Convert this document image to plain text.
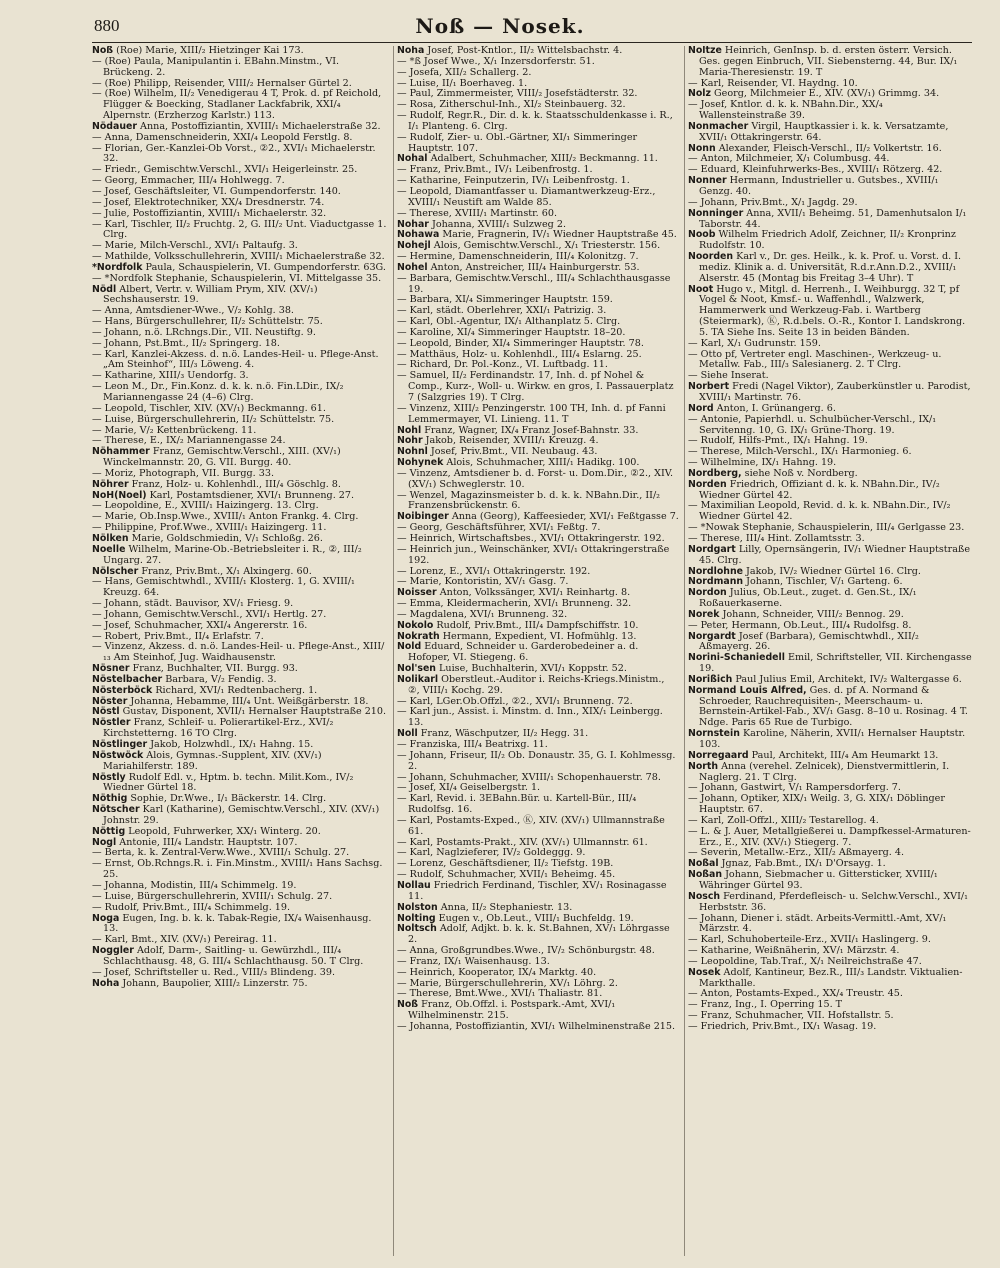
880	Noß — Nosek.

Noß (Roe) Marie, XIII/₂ Hietzinger Kai 173.

— (Roe) Paula, Manipulantin i. EBahn.Minstm., VI. Brückeng. 2.

— (Roe) Philipp, Reisender, VIII/₂ Hernalser Gürtel 2.

— (Roe) Wilhelm, II/₂ Venedigerau 4 T, Prok. d. pf Reichold, Flügger & Boecking, Stadlaner Lackfabrik, XXI/₄ Alpernstr. (Erzherzog Karlstr.) 113.

Nödauer Anna, Postoffiziantin, XVIII/₁ Michaelerstraße 32.

— Anna, Damenschneiderin, XXI/₄ Leopold Ferstlg. 8.

— Florian, Ger.-Kanzlei-Ob Vorst., ②2., XVI/₁ Michaelerstr. 32.

— Friedr., Gemischtw.Verschl., XVI/₁ Heigerleinstr. 25.

— Georg, Emmacher, III/₄ Hohlwegg. 7.

— Josef, Geschäftsleiter, VI. Gumpendorferstr. 140.

— Josef, Elektrotechniker, XX/₄ Dresdnerstr. 74.

— Julie, Postoffiziantin, XVIII/₁ Michaelerstr. 32.

— Karl, Tischler, II/₂ Fruchtg. 2, G. III/₂ Unt. Viaductgasse 1. Clrg.

— Marie, Milch-Verschl., XVI/₁ Paltaufg. 3.

— Mathilde, Volksschullehrerin, XVIII/₁ Michaelerstraße 32.

*Nordfolk Paula, Schauspielerin, VI. Gumpendorferstr. 63G.

— *Nordfolk Stephanie, Schauspielerin, VI. Mittelgasse 35.

Nödl Albert, Vertr. v. William Prym, XIV. (XV/₁) Sechshauserstr. 19.

— Anna, Amtsdiener-Wwe., V/₂ Kohlg. 38.

— Hans, Bürgerschullehrer, II/₂ Schüttelstr. 75.

— Johann, n.ö. LRchngs.Dir., VII. Neustiftg. 9.

— Johann, Pst.Bmt., II/₂ Springerg. 18.

— Karl, Kanzlei-Akzess. d. n.ö. Landes-Heil- u. Pflege-Anst. „Am Steinhof“, III/₃ Löweng. 4.

— Katharine, XIII/₃ Uendorfg. 3.

— Leon M., Dr., Fin.Konz. d. k. k. n.ö. Fin.LDir., IX/₂ Mariannengasse 24 (4–6) Clrg.

— Leopold, Tischler, XIV. (XV/₁) Beckmanng. 61.

— Luise, Bürgerschullehrerin, II/₂ Schüttelstr. 75.

— Marie, V/₂ Kettenbrückeng. 11.

— Therese, E., IX/₂ Mariannengasse 24.

Nöhammer Franz, Gemischtw.Verschl., XIII. (XV/₁) Winckelmannstr. 20, G. VII. Burgg. 40.

— Moriz, Photograph, VII. Burgg. 33.

Nöhrer Franz, Holz- u. Kohlenhdl., III/₄ Göschlg. 8.

NoH(Noel) Karl, Postamtsdiener, XVI/₁ Brunneng. 27.

— Leopoldine, E., XVIII/₁ Haizingerg. 13. Clrg.

— Marie, Ob.Insp.Wwe., XVIII/₁ Anton Frankg. 4. Clrg.

— Philippine, Prof.Wwe., XVIII/₁ Haizingerg. 11.

Nölken Marie, Goldschmiedin, V/₁ Schloßg. 26.

Noelle Wilhelm, Marine-Ob.-Betriebsleiter i. R., ②, III/₂ Ungarg. 27.

Nölscher Franz, Priv.Bmt., X/₁ Alxingerg. 60.

— Hans, Gemischtwhdl., XVIII/₁ Klosterg. 1, G. XVIII/₁ Kreuzg. 64.

— Johann, städt. Bauvisor, XV/₁ Friesg. 9.

— Johann, Gemischtw.Verschl., XVI/₁ Hertlg. 27.

— Josef, Schuhmacher, XXI/₄ Angererstr. 16.

— Robert, Priv.Bmt., II/₄ Erlafstr. 7.

— Vinzenz, Akzess. d. n.ö. Landes-Heil- u. Pflege-Anst., XIII/₁₃ Am Steinhof, Jug. Waidhausenstr.

Nösner Franz, Buchhalter, VII. Burgg. 93.

Nöstelbacher Barbara, V/₂ Fendig. 3.

Nösterböck Richard, XVI/₁ Redtenbacherg. 1.

Nöster Johanna, Hebamme, III/₄ Unt. Weißgärberstr. 18.

Nöstl Gustav, Disponent, XVII/₁ Hernalser Hauptstraße 210.

Nöstler Franz, Schleif- u. Polierartikel-Erz., XVI/₂ Kirchstetterng. 16 TO Clrg.

Nöstlinger Jakob, Holzwhdl., IX/₁ Hahng. 15.

Nöstwöck Alois, Gymnas.-Supplent, XIV. (XV/₁) Mariahilferstr. 189.

Nöstly Rudolf Edl. v., Hptm. b. techn. Milit.Kom., IV/₂ Wiedner Gürtel 18.

Nöthig Sophie, Dr.Wwe., I/₁ Bäckerstr. 14. Clrg.

Nötscher Karl (Katharine), Gemischtw.Verschl., XIV. (XV/₁) Johnstr. 29.

Nöttig Leopold, Fuhrwerker, XX/₁ Winterg. 20.

Nogl Antonie, III/₄ Landstr. Hauptstr. 107.

— Berta, k. k. Zentral-Verw.Wwe., XVIII/₁ Schulg. 27.

— Ernst, Ob.Rchngs.R. i. Fin.Minstm., XVIII/₁ Hans Sachsg. 25.

— Johanna, Modistin, III/₄ Schimmelg. 19.

— Luise, Bürgerschullehrerin, XVIII/₁ Schulg. 27.

— Rudolf, Priv.Bmt., III/₄ Schimmelg. 19.

Noga Eugen, Ing. b. k. k. Tabak-Regie, IX/₄ Waisenhausg. 13.

— Karl, Bmt., XIV. (XV/₁) Pereirag. 11.

Noggler Adolf, Darm-, Saitling- u. Gewürzhdl., III/₄ Schlachthausg. 48, G. III/₄ Schlachthausg. 50. T Clrg.

— Josef, Schriftsteller u. Red., VIII/₃ Blindeng. 39.

Noha Johann, Baupolier, XIII/₂ Linzerstr. 75.

Noha Josef, Post-Kntlor., II/₂ Wittelsbachstr. 4.

— *ß Josef Wwe., X/₁ Inzersdorferstr. 51.

— Josefa, XII/₂ Schallerg. 2.

— Luise, II/₁ Boerhaveg. 1.

— Paul, Zimmermeister, VIII/₂ Josefstädterstr. 32.

— Rosa, Zitherschul-Inh., XI/₂ Steinbauerg. 32.

— Rudolf, Regr.R., Dir. d. k. k. Staatsschuldenkasse i. R., I/₁ Planteng. 6. Clrg.

— Rudolf, Zier- u. Obl.-Gärtner, XI/₁ Simmeringer Hauptstr. 107.

Nohal Adalbert, Schuhmacher, XIII/₂ Beckmanng. 11.

— Franz, Priv.Bmt., IV/₁ Leibenfrostg. 1.

— Katharine, Feinputzerin, IV/₁ Leibenfrostg. 1.

— Leopold, Diamantfasser u. Diamantwerkzeug-Erz., XVIII/₁ Neustift am Walde 85.

— Therese, XVIII/₁ Martinstr. 60.

Nohar Johanna, XVIII/₁ Sulzweg 2.

Nohawa Marie, Fragnerin, IV/₁ Wiedner Hauptstraße 45.

Nohejl Alois, Gemischtw.Verschl., X/₁ Triesterstr. 156.

— Hermine, Damenschneiderin, III/₄ Kolonitzg. 7.

Nohel Anton, Anstreicher, III/₄ Hainburgerstr. 53.

— Barbara, Gemischtw.Verschl., III/₄ Schlachthausgasse 19.

— Barbara, XI/₄ Simmeringer Hauptstr. 159.

— Karl, städt. Oberlehrer, XXI/₁ Patrizig. 3.

— Karl, Obl.-Agentur, IX/₁ Althanplatz 5. Clrg.

— Karoline, XI/₄ Simmeringer Hauptstr. 18–20.

— Leopold, Binder, XI/₄ Simmeringer Hauptstr. 78.

— Matthäus, Holz- u. Kohlenhdl., III/₄ Eslarng. 25.

— Richard, Dr. Pol.-Konz., VI. Luftbadg. 11.

— Samuel, II/₂ Ferdinandstr. 17, Inh. d. pf Nohel & Comp., Kurz-, Woll- u. Wirkw. en gros, I. Passauerplatz 7 (Salzgries 19). T Clrg.

— Vinzenz, XIII/₂ Penzingerstr. 100 TH, Inh. d. pf Fanni Lemmermayer, VI. Linieng. 11. T

Nohl Franz, Wagner, IX/₄ Franz Josef-Bahnstr. 33.

Nohr Jakob, Reisender, XVIII/₁ Kreuzg. 4.

Nohnl Josef, Priv.Bmt., VII. Neubaug. 43.

Nohynek Alois, Schuhmacher, XIII/₁ Hadikg. 100.

— Vinzenz, Amtsdiener b. d. Forst- u. Dom.Dir., ②2., XIV. (XV/₁) Schweglerstr. 10.

— Wenzel, Magazinsmeister b. d. k. k. NBahn.Dir., II/₂ Franzensbrückenstr. 6.

Noibinger Anna (Georg), Kaffeesieder, XVI/₁ Feßtgasse 7.

— Georg, Geschäftsführer, XVI/₁ Feßtg. 7.

— Heinrich, Wirtschaftsbes., XVI/₁ Ottakringerstr. 192.

— Heinrich jun., Weinschänker, XVI/₁ Ottakringerstraße 192.

— Lorenz, E., XVI/₁ Ottakringerstr. 192.

— Marie, Kontoristin, XV/₁ Gasg. 7.

Noisser Anton, Volkssänger, XVI/₁ Reinhartg. 8.

— Emma, Kleidermacherin, XVI/₁ Brunneng. 32.

— Magdalena, XVI/₁ Brunneng. 32.

Nokolo Rudolf, Priv.Bmt., III/₄ Dampfschiffstr. 10.

Nokrath Hermann, Expedient, VI. Hofmühlg. 13.

Nold Eduard, Schneider u. Garderobedeiner a. d. Hofoper, VI. Stiegeng. 6.

Nol'sen Luise, Buchhalterin, XVI/₁ Koppstr. 52.

Nolikarl Oberstleut.-Auditor i. Reichs-Kriegs.Ministm., ②, VIII/₁ Kochg. 29.

— Karl, LGer.Ob.Offzl., ②2., XVI/₁ Brunneng. 72.

— Karl jun., Assist. i. Minstm. d. Inn., XIX/₁ Leinbergg. 13.

Noll Franz, Wäschputzer, II/₂ Hegg. 31.

— Franziska, III/₄ Beatrixg. 11.

— Johann, Friseur, II/₂ Ob. Donaustr. 35, G. I. Kohlmessg. 2.

— Johann, Schuhmacher, XVIII/₁ Schopenhauerstr. 78.

— Josef, XI/₄ Geiselbergstr. 1.

— Karl, Revid. i. 3EBahn.Bür. u. Kartell-Bür., III/₄ Rudolfsg. 16.

— Karl, Postamts-Exped., Ⓚ, XIV. (XV/₁) Ullmannstraße 61.

— Karl, Postamts-Prakt., XIV. (XV/₁) Ullmannstr. 61.

— Karl, Naglzieferer, IV/₂ Goldeggg. 9.

— Lorenz, Geschäftsdiener, II/₂ Tiefstg. 19B.

— Rudolf, Schuhmacher, XVII/₁ Beheimg. 45.

Nollau Friedrich Ferdinand, Tischler, XV/₁ Rosinagasse 11.

Nolston Anna, II/₂ Stephaniestr. 13.

Nolting Eugen v., Ob.Leut., VIII/₁ Buchfeldg. 19.

Noltsch Adolf, Adjkt. b. k. k. St.Bahnen, XV/₁ Löhrgasse 2.

— Anna, Großgrundbes.Wwe., IV/₂ Schönburgstr. 48.

— Franz, IX/₁ Waisenhausg. 13.

— Heinrich, Kooperator, IX/₄ Marktg. 40.

— Marie, Bürgerschullehrerin, XV/₁ Löhrg. 2.

— Therese, Bmt.Wwe., XVI/₁ Thaliastr. 81.

Noß Franz, Ob.Offzl. i. Postspark.-Amt, XVI/₁ Wilhelminenstr. 215.

— Johanna, Postoffiziantin, XVI/₁ Wilhelminenstraße 215.

Noltze Heinrich, GenInsp. b. d. ersten österr. Versich. Ges. gegen Einbruch, VII. Siebensterng. 44, Bur. IX/₁ Maria-Theresienstr. 19. T

— Karl, Reisender, VI. Haydng. 10.

Nolz Georg, Milchmeier E., XIV. (XV/₁) Grimmg. 34.

— Josef, Kntlor. d. k. k. NBahn.Dir., XX/₄ Wallensteinstraße 39.

Nonmacher Virgil, Hauptkassier i. k. k. Versatzamte, XVII/₁ Ottakringerstr. 64.

Nonn Alexander, Fleisch-Verschl., II/₂ Volkertstr. 16.

— Anton, Milchmeier, X/₁ Columbusg. 44.

— Eduard, Kleinfuhrwerks-Bes., XVIII/₁ Rötzerg. 42.

Nonner Hermann, Industrieller u. Gutsbes., XVIII/₁ Genzg. 40.

— Johann, Priv.Bmt., X/₁ Jagdg. 29.

Nonninger Anna, XVII/₁ Beheimg. 51, Damenhutsalon I/₁ Taborstr. 44.

Noob Wilhelm Friedrich Adolf, Zeichner, II/₂ Kronprinz Rudolfstr. 10.

Noorden Karl v., Dr. ges. Heilk., k. k. Prof. u. Vorst. d. I. mediz. Klinik a. d. Universität, R.d.r.Ann.D.2., XVIII/₁ Alserstr. 45 (Montag bis Freitag 3–4 Uhr). T

Noot Hugo v., Mitgl. d. Herrenh., I. Weihburgg. 32 T, pf Vogel & Noot, Kmsf.- u. Waffenhdl., Walzwerk, Hammerwerk und Werkzeug-Fab. i. Wartberg (Steiermark), Ⓚ, R.d.bels. O.-R., Kontor I. Landskrong. 5. TA Siehe Ins. Seite 13 in beiden Bänden.

— Karl, X/₁ Gudrunstr. 159.

— Otto pf, Vertreter engl. Maschinen-, Werkzeug- u. Metallw. Fab., III/₃ Salesianerg. 2. T Clrg.

— Siehe Inserat.

Norbert Fredi (Nagel Viktor), Zauberkünstler u. Parodist, XVIII/₁ Martinstr. 76.

Nord Anton, I. Grünangerg. 6.

— Antonie, Papierhdl. u. Schulbücher-Verschl., IX/₁ Servitenng. 10, G. IX/₁ Grüne-Thorg. 19.

— Rudolf, Hilfs-Pmt., IX/₁ Hahng. 19.

— Therese, Milch-Verschl., IX/₁ Harmonieg. 6.

— Wilhelmine, IX/₁ Hahng. 19.

Nordberg, siehe Noß v. Nordberg.

Norden Friedrich, Offiziant d. k. k. NBahn.Dir., IV/₂ Wiedner Gürtel 42.

— Maximilian Leopold, Revid. d. k. k. NBahn.Dir., IV/₂ Wiedner Gürtel 42.

— *Nowak Stephanie, Schauspielerin, III/₄ Gerlgasse 23.

— Therese, III/₄ Hint. Zollamtsstr. 3.

Nordgart Lilly, Opernsängerin, IV/₁ Wiedner Hauptstraße 45. Clrg.

Nordlohne Jakob, IV/₂ Wiedner Gürtel 16. Clrg.

Nordmann Johann, Tischler, V/₁ Garteng. 6.

Nordon Julius, Ob.Leut., zuget. d. Gen.St., IX/₁ Roßauerkaserne.

Norek Johann, Schneider, VIII/₂ Bennog. 29.

— Peter, Hermann, Ob.Leut., III/₄ Rudolfsg. 8.

Norgardt Josef (Barbara), Gemischtwhdl., XII/₂ Aßmayerg. 26.

Norini-Schaniedell Emil, Schriftsteller, VII. Kirchengasse 19.

Norißich Paul Julius Emil, Architekt, IV/₂ Waltergasse 6.

Normand Louis Alfred, Ges. d. pf A. Normand & Schroeder, Rauchrequisiten-, Meerschaum- u. Bernstein-Artikel-Fab., XV/₁ Gasg. 8–10 u. Rosinag. 4 T. Ndge. Paris 65 Rue de Turbigo.

Nornstein Karoline, Näherin, XVII/₁ Hernalser Hauptstr. 103.

Norregaard Paul, Architekt, III/₄ Am Heumarkt 13.

North Anna (verehel. Zelnicek), Dienstvermittlerin, I. Naglerg. 21. T Clrg.

— Johann, Gastwirt, V/₁ Rampersdorferg. 7.

— Johann, Optiker, XIX/₁ Weilg. 3, G. XIX/₁ Döblinger Hauptstr. 67.

— Karl, Zoll-Offzl., XIII/₂ Testarellog. 4.

— L. & J. Auer, Metallgießerei u. Dampfkessel-Armaturen-Erz., E., XIV. (XV/₁) Stiegerg. 7.

— Severin, Metallw.-Erz., XII/₂ Aßmayerg. 4.

Noßal Jgnaz, Fab.Bmt., IX/₁ D'Orsayg. 1.

Noßan Johann, Siebmacher u. Gittersticker, XVIII/₁ Währinger Gürtel 93.

Nosch Ferdinand, Pferdefleisch- u. Selchw.Verschl., XVI/₁ Herbststr. 36.

— Johann, Diener i. städt. Arbeits-Vermittl.-Amt, XV/₁ Märzstr. 4.

— Karl, Schuhoberteile-Erz., XVII/₁ Haslingerg. 9.

— Katharine, Weißnäherin, XV/₁ Märzstr. 4.

— Leopoldine, Tab.Traf., X/₁ Neilreichstraße 47.

Nosek Adolf, Kantineur, Bez.R., III/₃ Landstr. Viktualien-Markthalle.

— Anton, Postamts-Exped., XX/₄ Treustr. 45.

— Franz, Ing., I. Operring 15. T

— Franz, Schuhmacher, VII. Hofstallstr. 5.

— Friedrich, Priv.Bmt., IX/₁ Wasag. 19.
